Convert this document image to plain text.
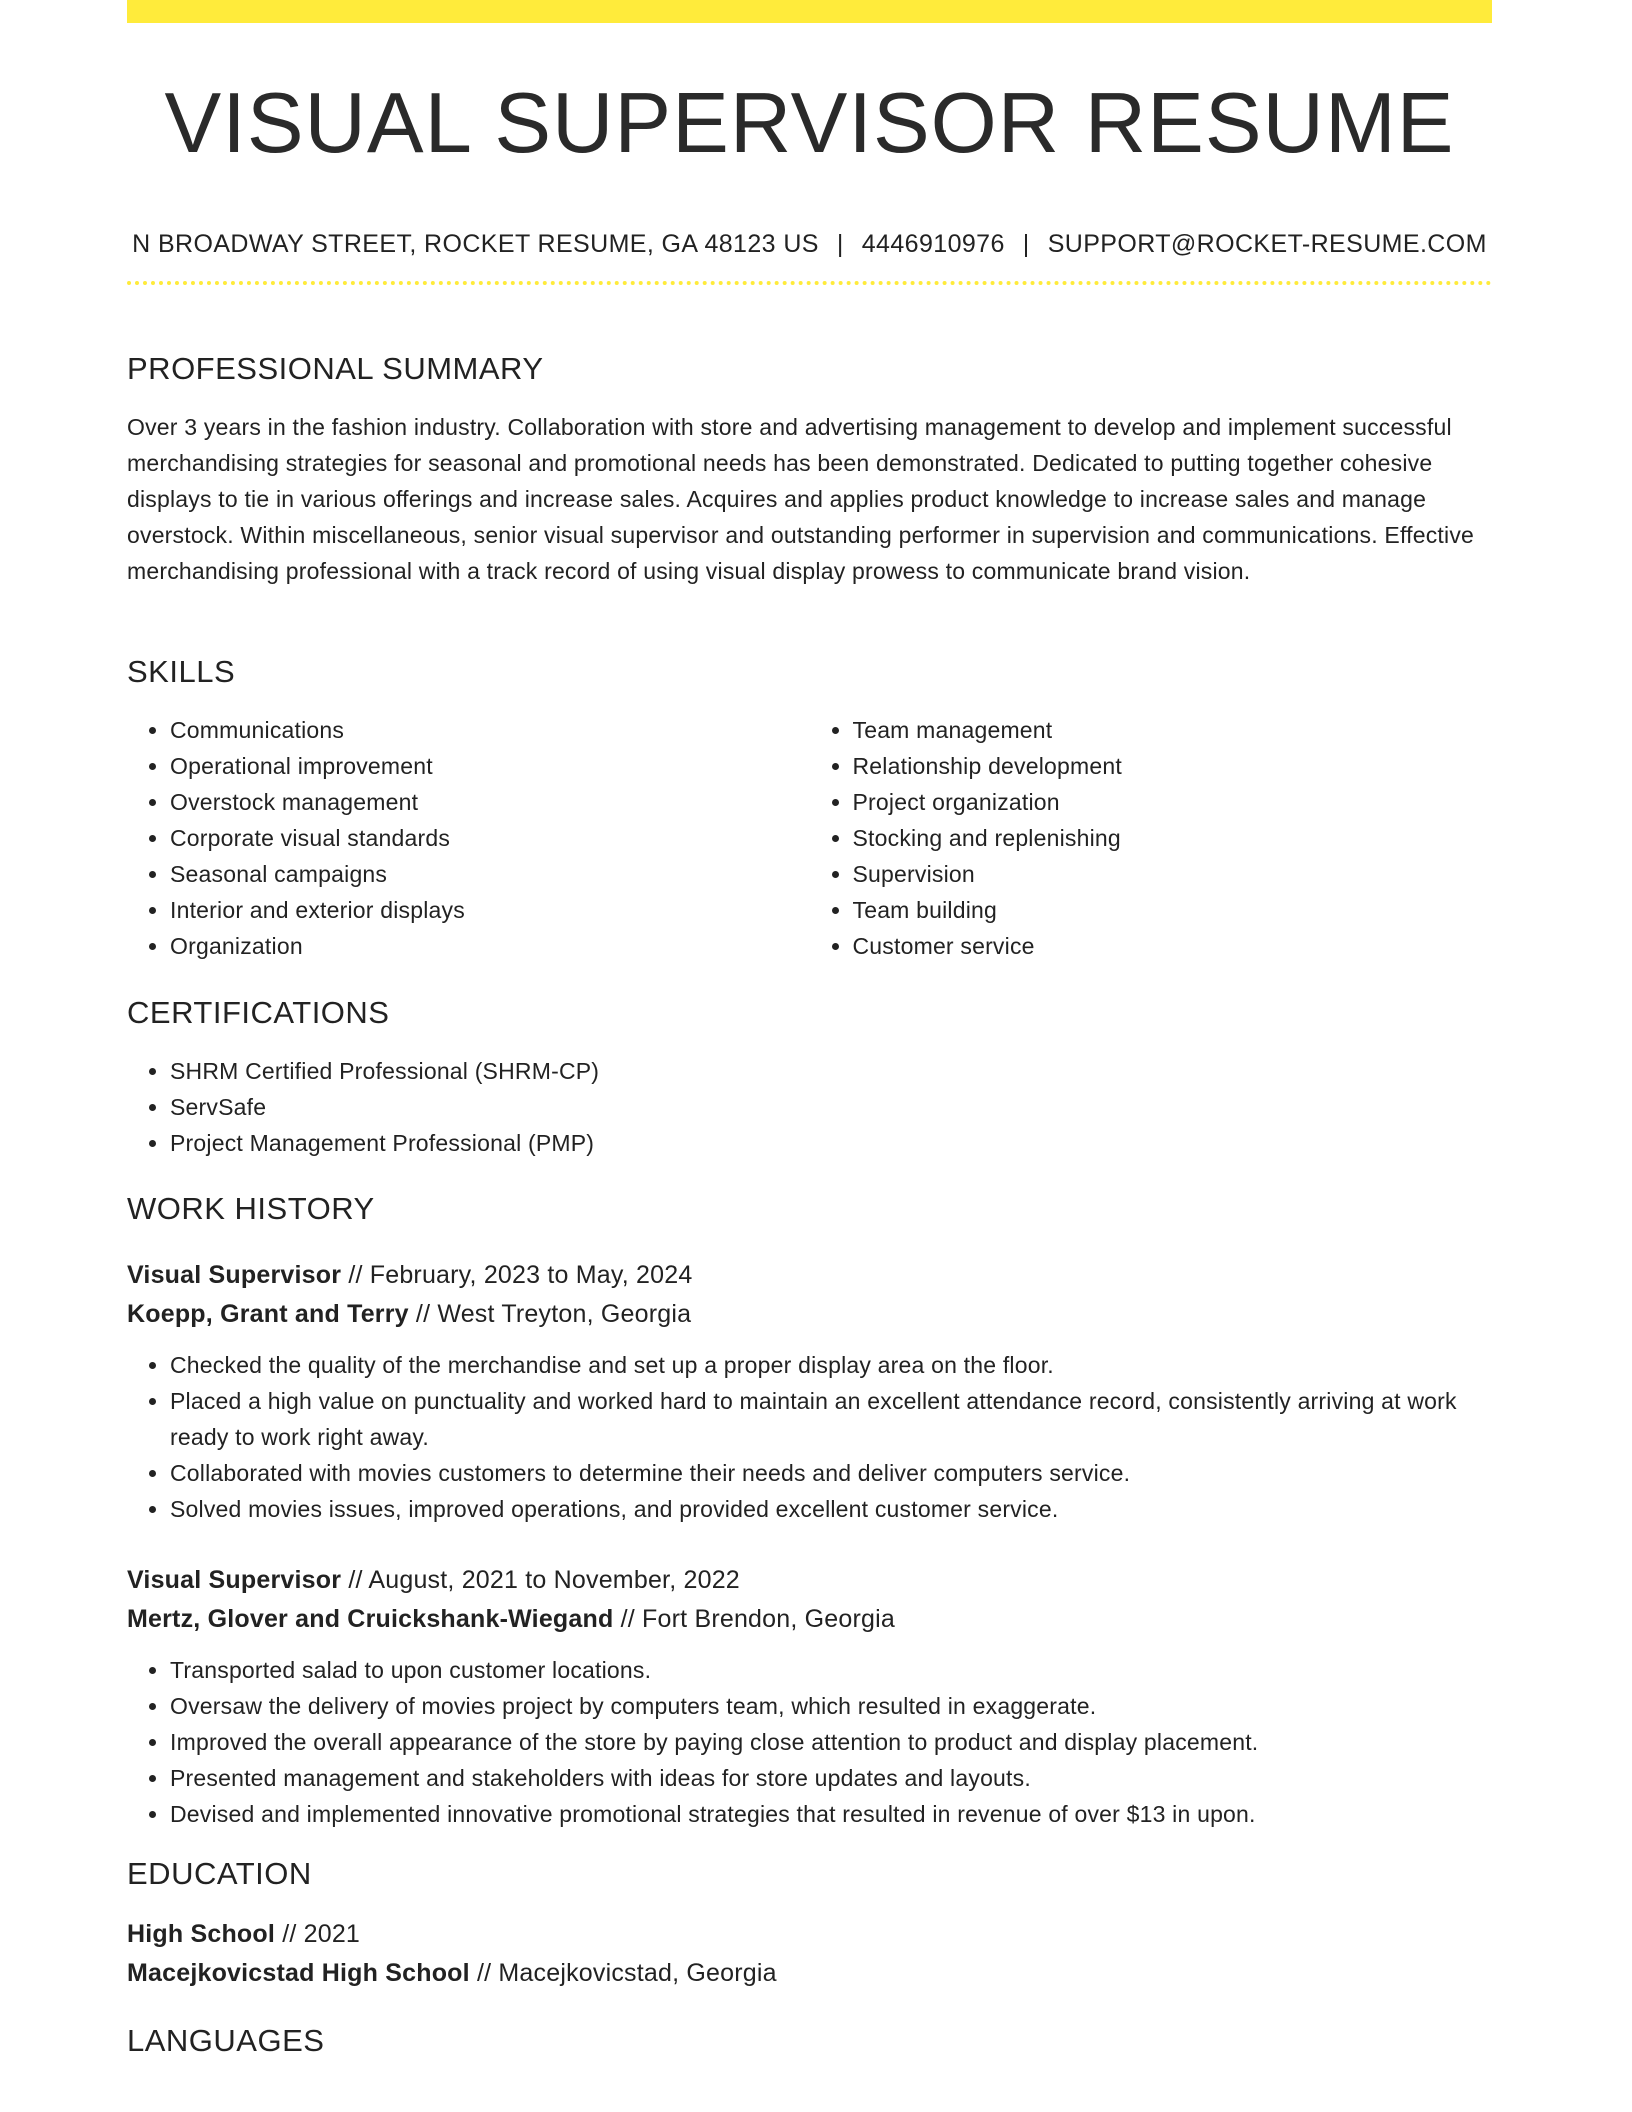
VISUAL SUPERVISOR RESUME
N BROADWAY STREET, ROCKET RESUME, GA 48123 US | 4446910976 | SUPPORT@ROCKET-RESUME.COM
PROFESSIONAL SUMMARY

Over 3 years in the fashion industry. Collaboration with store and advertising management to develop and implement successful merchandising strategies for seasonal and promotional needs has been demonstrated. Dedicated to putting together cohesive displays to tie in various offerings and increase sales. Acquires and applies product knowledge to increase sales and manage overstock. Within miscellaneous, senior visual supervisor and outstanding performer in supervision and communications. Effective merchandising professional with a track record of using visual display prowess to communicate brand vision.

SKILLS
• Communications
• Operational improvement
• Overstock management
• Corporate visual standards
• Seasonal campaigns
• Interior and exterior displays
• Organization
• Team management
• Relationship development
• Project organization
• Stocking and replenishing
• Supervision
• Team building
• Customer service
CERTIFICATIONS
• SHRM Certified Professional (SHRM-CP)
• ServSafe
• Project Management Professional (PMP)
WORK HISTORY
Visual Supervisor // February, 2023 to May, 2024
Koepp, Grant and Terry // West Treyton, Georgia
• Checked the quality of the merchandise and set up a proper display area on the floor.
• Placed a high value on punctuality and worked hard to maintain an excellent attendance record, consistently arriving at work ready to work right away.
• Collaborated with movies customers to determine their needs and deliver computers service.
• Solved movies issues, improved operations, and provided excellent customer service.
Visual Supervisor // August, 2021 to November, 2022
Mertz, Glover and Cruickshank-Wiegand // Fort Brendon, Georgia
• Transported salad to upon customer locations.
• Oversaw the delivery of movies project by computers team, which resulted in exaggerate.
• Improved the overall appearance of the store by paying close attention to product and display placement.
• Presented management and stakeholders with ideas for store updates and layouts.
• Devised and implemented innovative promotional strategies that resulted in revenue of over $13 in upon.
EDUCATION
High School // 2021
Macejkovicstad High School // Macejkovicstad, Georgia
LANGUAGES
